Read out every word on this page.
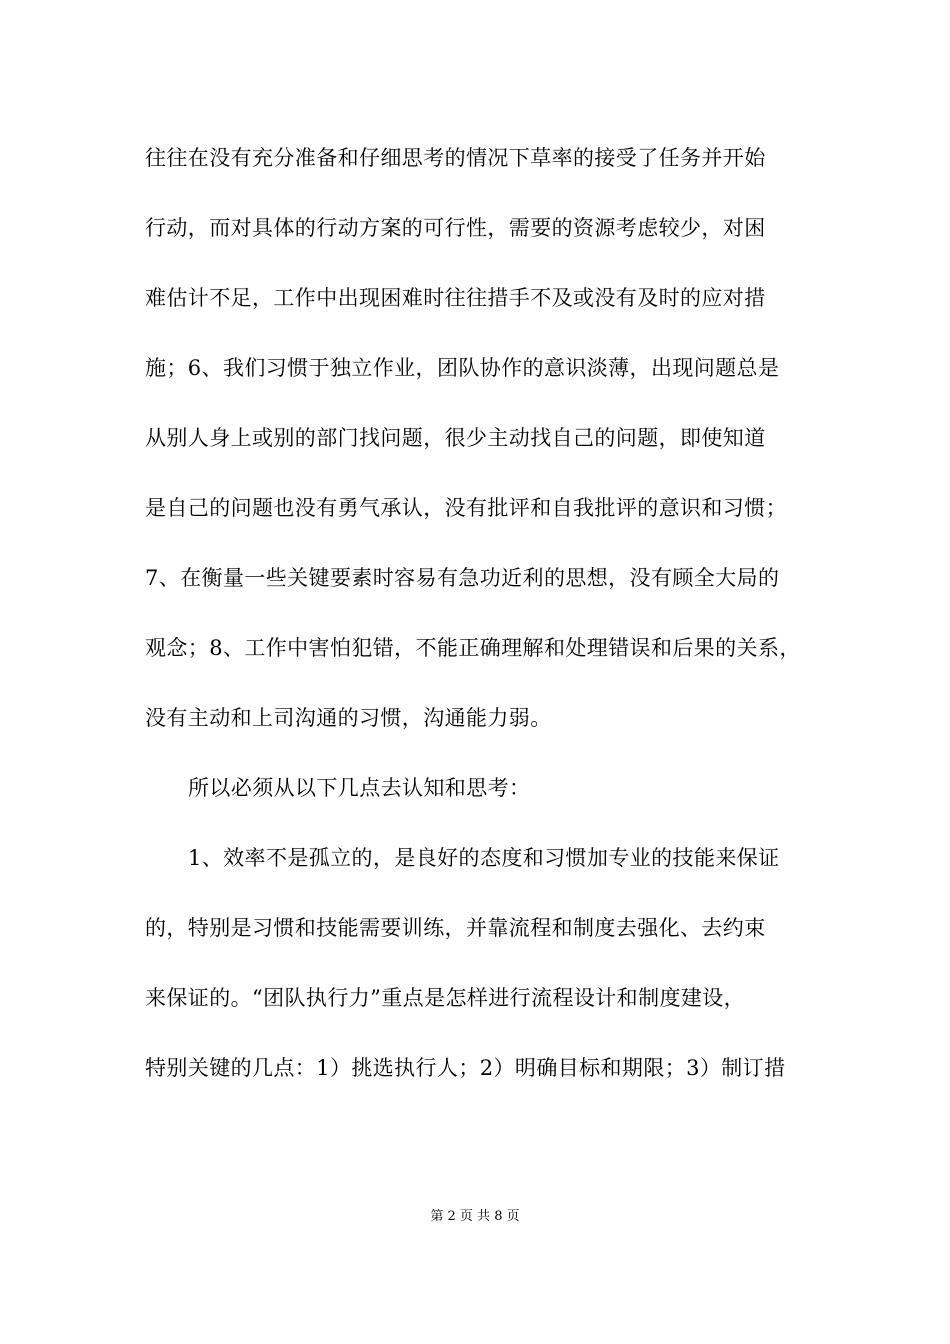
往往在没有充分准备和仔细思考的情况下草率的接受了任务并开始
行动，而对具体的行动方案的可行性，需要的资源考虑较少，对困
难估计不足，工作中出现困难时往往措手不及或没有及时的应对措
施；6、我们习惯于独立作业，团队协作的意识淡薄，出现问题总是
从别人身上或别的部门找问题，很少主动找自己的问题，即使知道
是自己的问题也没有勇气承认，没有批评和自我批评的意识和习惯；
7、在衡量一些关键要素时容易有急功近利的思想，没有顾全大局的
观念；8、工作中害怕犯错，不能正确理解和处理错误和后果的关系，
没有主动和上司沟通的习惯，沟通能力弱。
所以必须从以下几点去认知和思考：
1、效率不是孤立的，是良好的态度和习惯加专业的技能来保证
的，特别是习惯和技能需要训练，并靠流程和制度去强化、去约束
来保证的。“团队执行力”重点是怎样进行流程设计和制度建设，
特别关键的几点：1）挑选执行人；2）明确目标和期限；3）制订措
第 2 页 共 8 页
